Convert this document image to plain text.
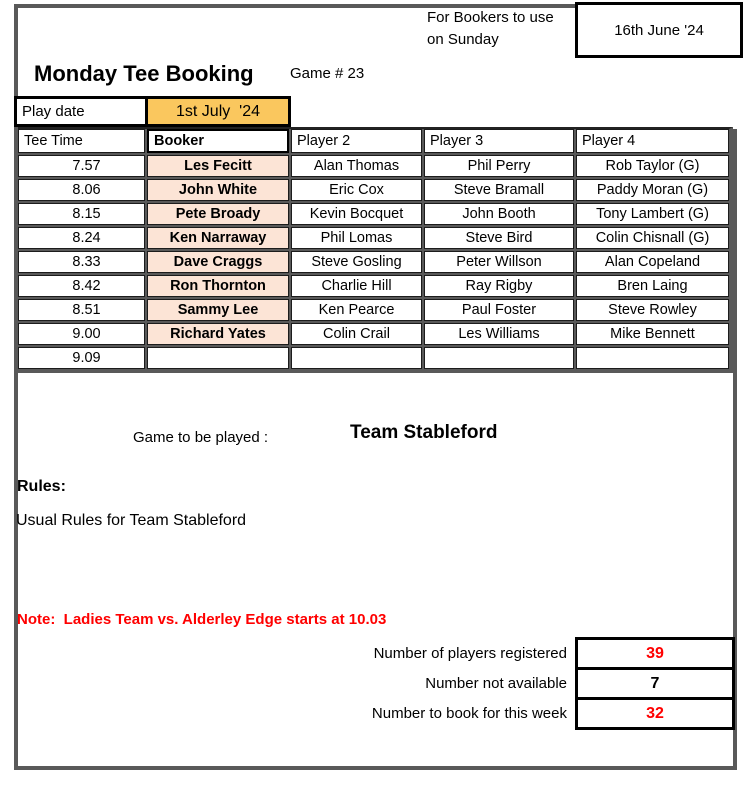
For Bookers to use
on Sunday
16th June '24
Monday Tee Booking Game # 23
Play date	1st July  '24
Tee Time	Booker	Player 2	Player 3	Player 4
7.57	Les Fecitt	Alan Thomas	Phil Perry	Rob Taylor (G)
8.06	John White	Eric Cox	Steve Bramall	Paddy Moran (G)
8.15	Pete Broady	Kevin Bocquet	John Booth	Tony Lambert (G)
8.24	Ken Narraway	Phil Lomas	Steve Bird	Colin Chisnall (G)
8.33	Dave Craggs	Steve Gosling	Peter Willson	Alan Copeland
8.42	Ron Thornton	Charlie Hill	Ray Rigby	Bren Laing
8.51	Sammy Lee	Ken Pearce	Paul Foster	Steve Rowley
9.00	Richard Yates	Colin Crail	Les Williams	Mike Bennett
9.09
Game to be played :	Team Stableford
Rules:
Usual Rules for Team Stableford
Note:  Ladies Team vs. Alderley Edge starts at 10.03
Number of players registered	39
Number not available	7
Number to book for this week	32
